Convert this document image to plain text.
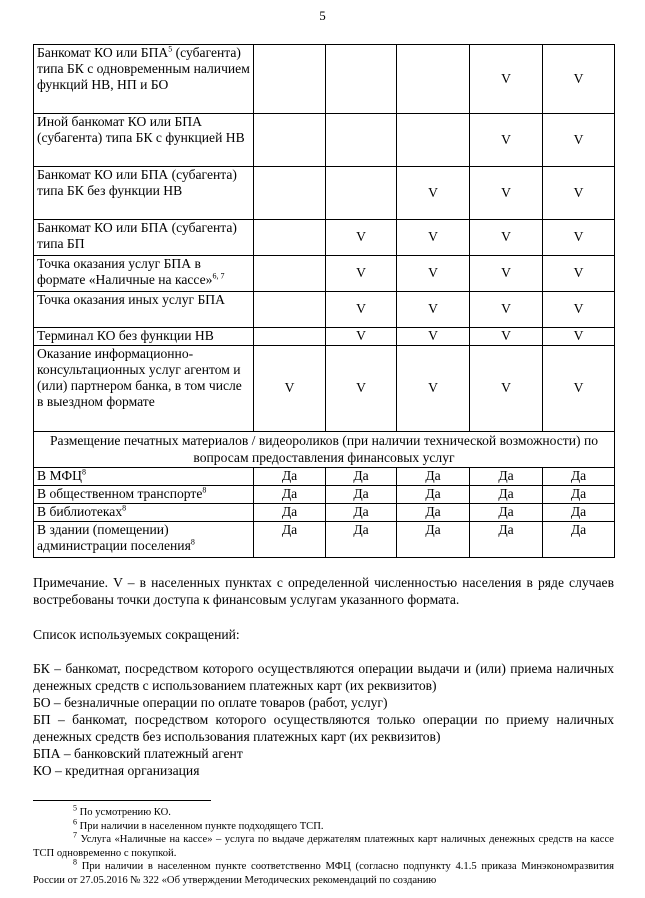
5
Банкомат КО или БПА$^5$ (субагента) типа БК с одновременным наличием функций НВ, НП и БО				V	V
Иной банкомат КО или БПА (субагента) типа БК с функцией НВ				V	V
Банкомат КО или БПА (субагента) типа БК без функции НВ			V	V	V
Банкомат КО или БПА (субагента) типа БП		V	V	V	V
Точка оказания услуг БПА в формате «Наличные на кассе»$^{6, 7}$		V	V	V	V
Точка оказания иных услуг БПА		V	V	V	V
Терминал КО без функции НВ		V	V	V	V
Оказание информационно-консультационных услуг агентом и (или) партнером банка, в том числе в выездном формате	V	V	V	V	V
Размещение печатных материалов / видеороликов (при наличии технической возможности) по вопросам предоставления финансовых услуг					
В МФЦ$^8$	Да	Да	Да	Да	Да
В общественном транспорте$^8$	Да	Да	Да	Да	Да
В библиотеках$^8$	Да	Да	Да	Да	Да
В здании (помещении) администрации поселения$^8$	Да	Да	Да	Да	Да
Примечание. V – в населенных пунктах с определенной численностью населения в ряде случаев востребованы точки доступа к финансовым услугам указанного формата.
Список используемых сокращений:
БК – банкомат, посредством которого осуществляются операции выдачи и (или) приема наличных денежных средств с использованием платежных карт (их реквизитов)
БО – безналичные операции по оплате товаров (работ, услуг)
БП – банкомат, посредством которого осуществляются только операции по приему наличных денежных средств без использования платежных карт (их реквизитов)
БПА – банковский платежный агент
КО – кредитная организация

$^5$ По усмотрению КО.

$^6$ При наличии в населенном пункте подходящего ТСП.

$^7$ Услуга «Наличные на кассе» – услуга по выдаче держателям платежных карт наличных денежных средств на кассе ТСП одновременно с покупкой.

$^8$ При наличии в населенном пункте соответственно МФЦ (согласно подпункту 4.1.5 приказа Минэкономразвития России от 27.05.2016 № 322 «Об утверждении Методических рекомендаций по созданию
